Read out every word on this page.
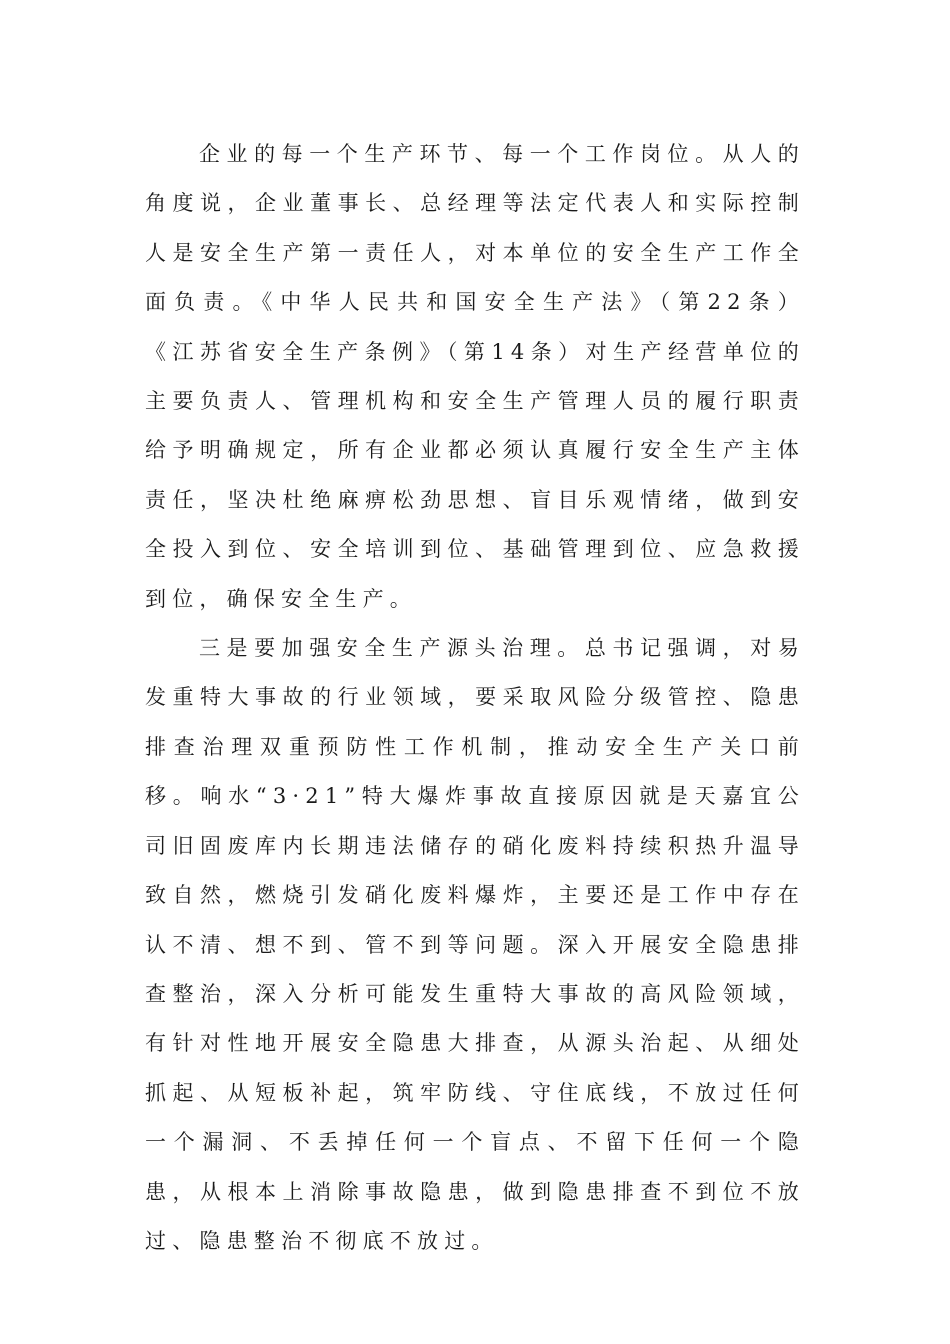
企业的每一个生产环节、每一个工作岗位。从人的角度说，企业董事长、总经理等法定代表人和实际控制人是安全生产第一责任人，对本单位的安全生产工作全面负责。《中华人民共和国安全生产法》（第22条）《江苏省安全生产条例》（第14条）对生产经营单位的主要负责人、管理机构和安全生产管理人员的履行职责给予明确规定，所有企业都必须认真履行安全生产主体责任，坚决杜绝麻痹松劲思想、盲目乐观情绪，做到安全投入到位、安全培训到位、基础管理到位、应急救援到位，确保安全生产。

三是要加强安全生产源头治理。总书记强调，对易发重特大事故的行业领域，要采取风险分级管控、隐患排查治理双重预防性工作机制，推动安全生产关口前移。响水“3·21”特大爆炸事故直接原因就是天嘉宜公司旧固废库内长期违法储存的硝化废料持续积热升温导致自然，燃烧引发硝化废料爆炸，主要还是工作中存在认不清、想不到、管不到等问题。深入开展安全隐患排查整治，深入分析可能发生重特大事故的高风险领域，有针对性地开展安全隐患大排查，从源头治起、从细处抓起、从短板补起，筑牢防线、守住底线，不放过任何一个漏洞、不丢掉任何一个盲点、不留下任何一个隐患，从根本上消除事故隐患，做到隐患排查不到位不放过、隐患整治不彻底不放过。
